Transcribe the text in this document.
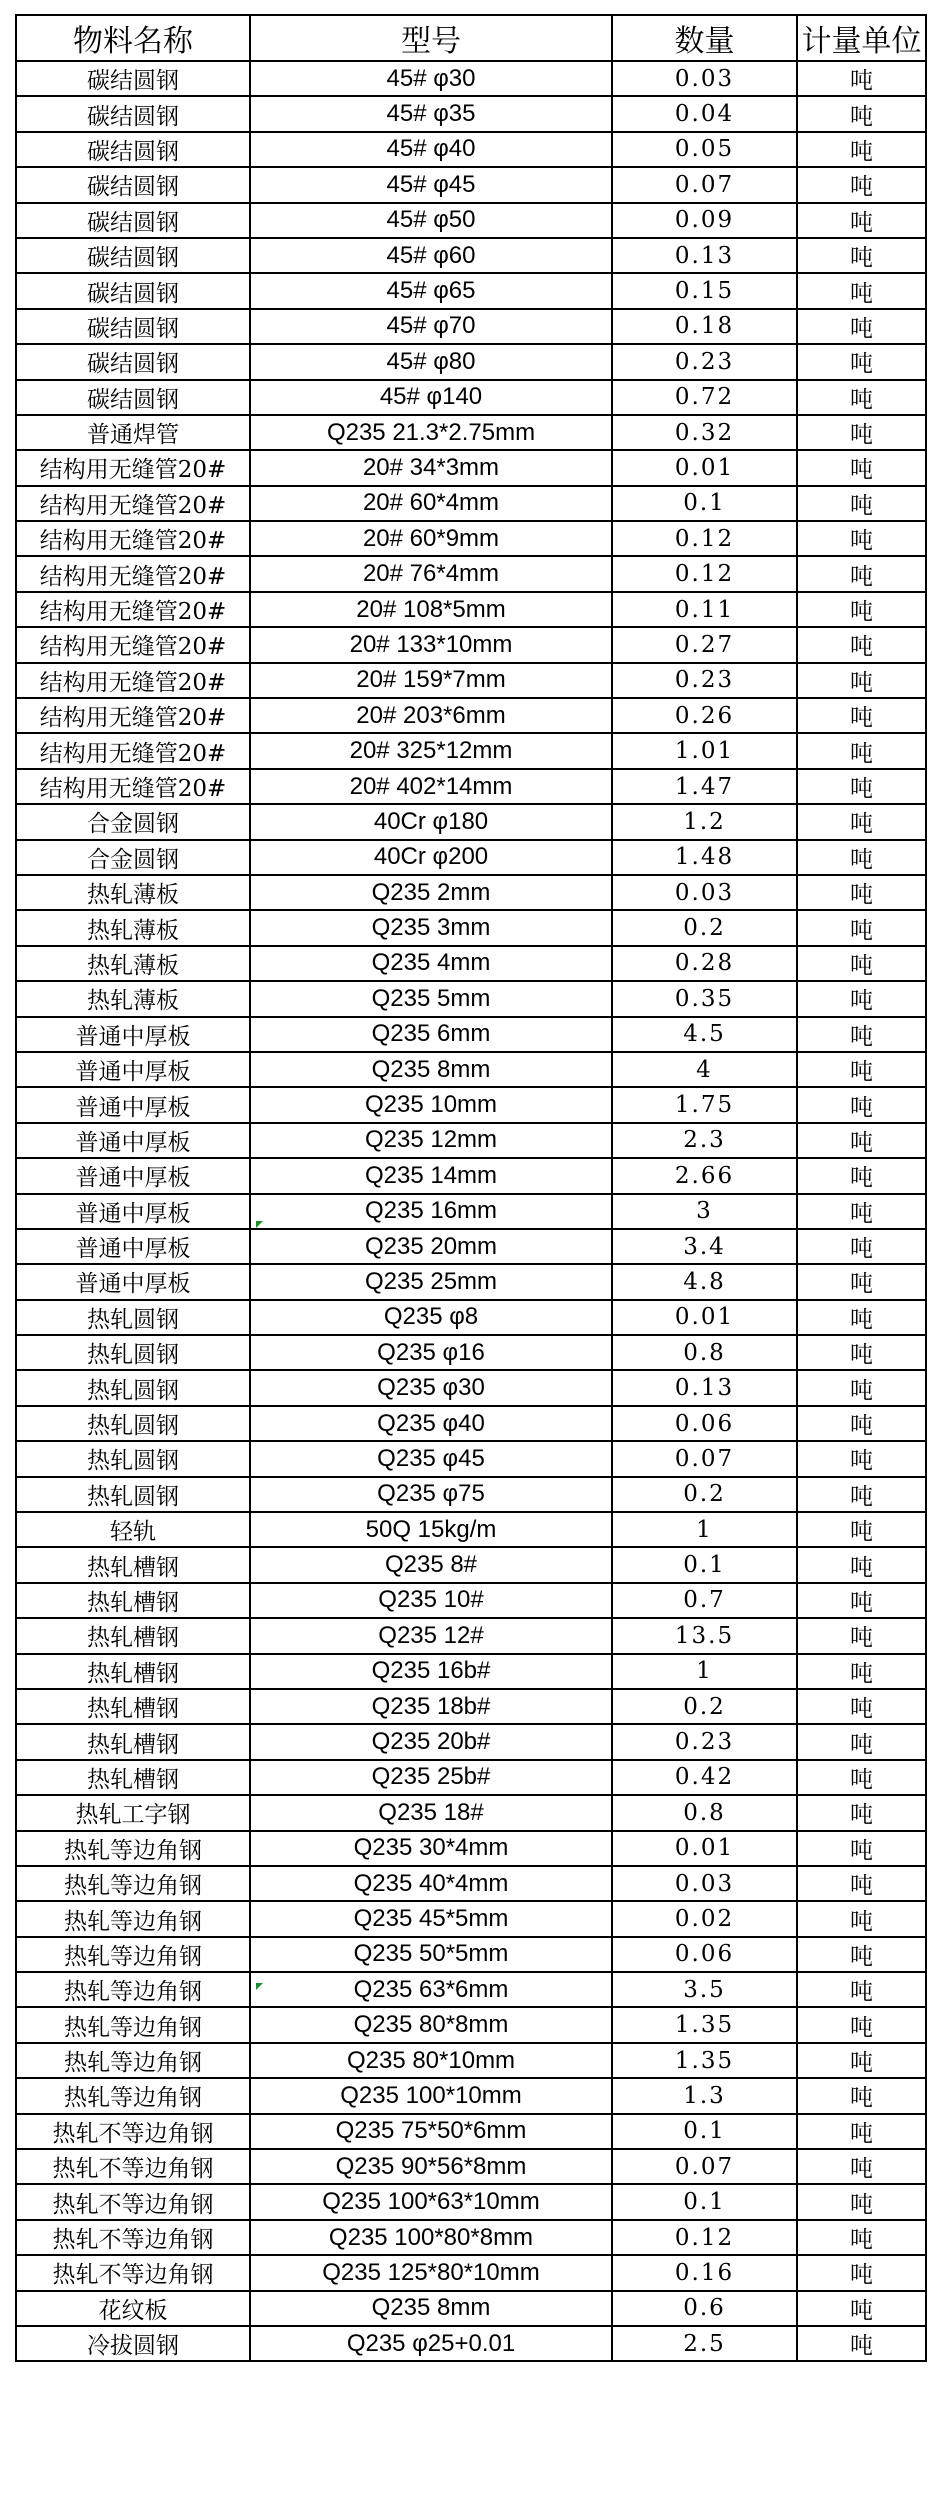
物料名称	型号	数量	计量单位
碳结圆钢	45# φ30	0.03	吨
碳结圆钢	45# φ35	0.04	吨
碳结圆钢	45# φ40	0.05	吨
碳结圆钢	45# φ45	0.07	吨
碳结圆钢	45# φ50	0.09	吨
碳结圆钢	45# φ60	0.13	吨
碳结圆钢	45# φ65	0.15	吨
碳结圆钢	45# φ70	0.18	吨
碳结圆钢	45# φ80	0.23	吨
碳结圆钢	45# φ140	0.72	吨
普通焊管	Q235 21.3*2.75mm	0.32	吨
结构用无缝管20#	20# 34*3mm	0.01	吨
结构用无缝管20#	20# 60*4mm	0.1	吨
结构用无缝管20#	20# 60*9mm	0.12	吨
结构用无缝管20#	20# 76*4mm	0.12	吨
结构用无缝管20#	20# 108*5mm	0.11	吨
结构用无缝管20#	20# 133*10mm	0.27	吨
结构用无缝管20#	20# 159*7mm	0.23	吨
结构用无缝管20#	20# 203*6mm	0.26	吨
结构用无缝管20#	20# 325*12mm	1.01	吨
结构用无缝管20#	20# 402*14mm	1.47	吨
合金圆钢	40Cr φ180	1.2	吨
合金圆钢	40Cr φ200	1.48	吨
热轧薄板	Q235 2mm	0.03	吨
热轧薄板	Q235 3mm	0.2	吨
热轧薄板	Q235 4mm	0.28	吨
热轧薄板	Q235 5mm	0.35	吨
普通中厚板	Q235 6mm	4.5	吨
普通中厚板	Q235 8mm	4	吨
普通中厚板	Q235 10mm	1.75	吨
普通中厚板	Q235 12mm	2.3	吨
普通中厚板	Q235 14mm	2.66	吨
普通中厚板	Q235 16mm	3	吨
普通中厚板	Q235 20mm	3.4	吨
普通中厚板	Q235 25mm	4.8	吨
热轧圆钢	Q235 φ8	0.01	吨
热轧圆钢	Q235 φ16	0.8	吨
热轧圆钢	Q235 φ30	0.13	吨
热轧圆钢	Q235 φ40	0.06	吨
热轧圆钢	Q235 φ45	0.07	吨
热轧圆钢	Q235 φ75	0.2	吨
轻轨	50Q 15kg/m	1	吨
热轧槽钢	Q235 8#	0.1	吨
热轧槽钢	Q235 10#	0.7	吨
热轧槽钢	Q235 12#	13.5	吨
热轧槽钢	Q235 16b#	1	吨
热轧槽钢	Q235 18b#	0.2	吨
热轧槽钢	Q235 20b#	0.23	吨
热轧槽钢	Q235 25b#	0.42	吨
热轧工字钢	Q235 18#	0.8	吨
热轧等边角钢	Q235 30*4mm	0.01	吨
热轧等边角钢	Q235 40*4mm	0.03	吨
热轧等边角钢	Q235 45*5mm	0.02	吨
热轧等边角钢	Q235 50*5mm	0.06	吨
热轧等边角钢	Q235 63*6mm	3.5	吨
热轧等边角钢	Q235 80*8mm	1.35	吨
热轧等边角钢	Q235 80*10mm	1.35	吨
热轧等边角钢	Q235 100*10mm	1.3	吨
热轧不等边角钢	Q235 75*50*6mm	0.1	吨
热轧不等边角钢	Q235 90*56*8mm	0.07	吨
热轧不等边角钢	Q235 100*63*10mm	0.1	吨
热轧不等边角钢	Q235 100*80*8mm	0.12	吨
热轧不等边角钢	Q235 125*80*10mm	0.16	吨
花纹板	Q235 8mm	0.6	吨
冷拔圆钢	Q235 φ25+0.01	2.5	吨
